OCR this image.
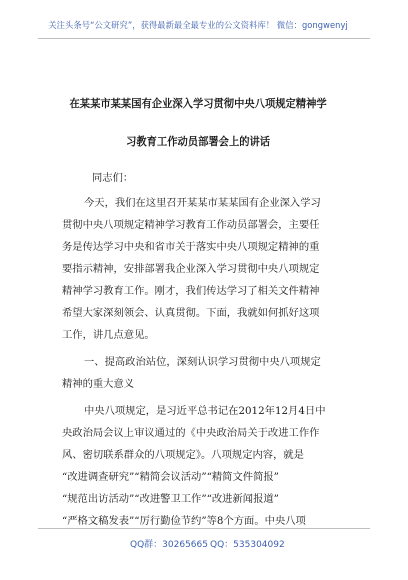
关注头条号“公文研究”，获得最新最全最专业的公文资料库！ 微信：gongwenyj
在某某市某某国有企业深入学习贯彻中央八项规定精神学
习教育工作动员部署会上的讲话
同志们：
今天，我们在这里召开某某市某某国有企业深入学习
贯彻中央八项规定精神学习教育工作动员部署会，主要任
务是传达学习中央和省市关于落实中央八项规定精神的重
要指示精神，安排部署我企业深入学习贯彻中央八项规定
精神学习教育工作。刚才，我们传达学习了相关文件精神
希望大家深刻领会、认真贯彻。下面，我就如何抓好这项
工作，讲几点意见。
一、提高政治站位，深刻认识学习贯彻中央八项规定
精神的重大意义
中央八项规定，是习近平总书记在2012年12月4日中
央政治局会议上审议通过的《中央政治局关于改进工作作
风、密切联系群众的八项规定》。八项规定内容，就是
“改进调查研究”“精简会议活动”“精简文件简报”
“规范出访活动”“改进警卫工作”“改进新闻报道”
“严格文稿发表”“厉行勤俭节约”等8个方面。中央八项
QQ群：30265665 QQ：535304092
